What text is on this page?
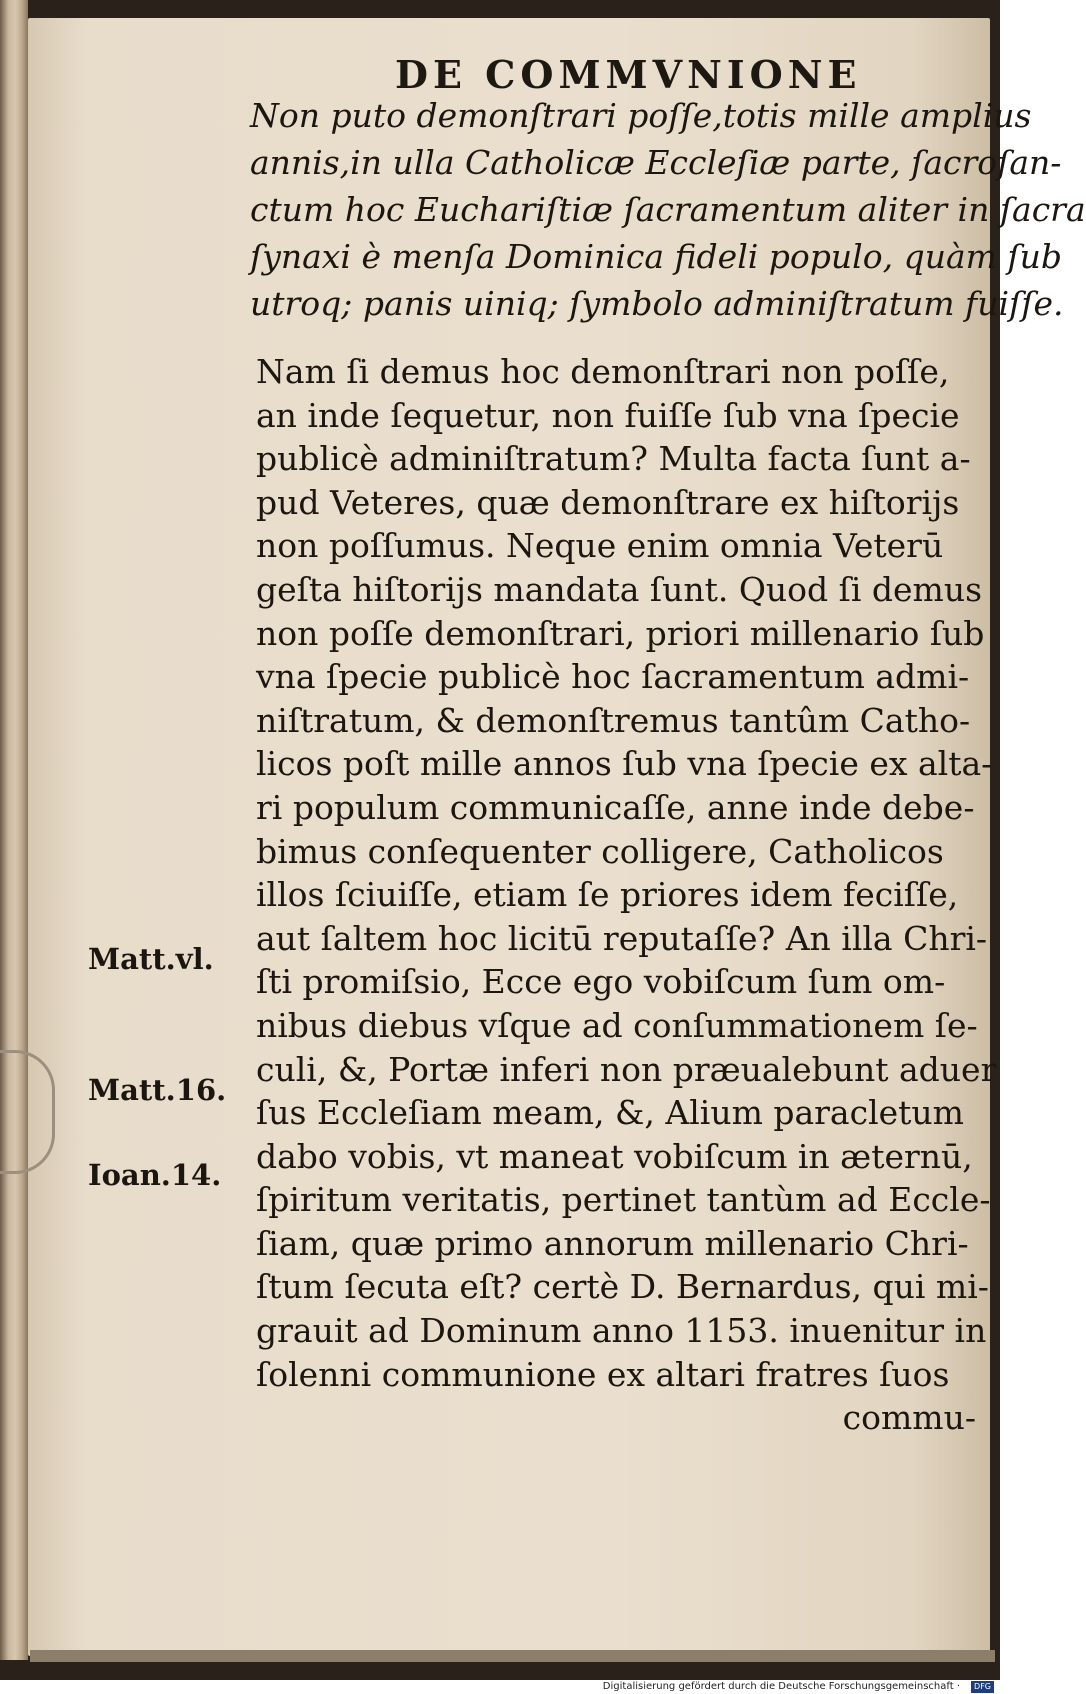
DE COMMVNIONE
Non puto demonſtrari poſſe,totis mille amplius
annis,in ulla Catholicæ Eccleſiæ parte, ſacroſan-
ctum hoc Euchariſtiæ ſacramentum aliter in ſacra
ſynaxi è menſa Dominica fideli populo, quàm ſub
utroq; panis uiniq; ſymbolo adminiſtratum fuiſſe.
Nam ſi demus hoc demonſtrari non poſſe,
an inde ſequetur, non fuiſſe ſub vna ſpecie
publicè adminiſtratum? Multa facta ſunt a-
pud Veteres, quæ demonſtrare ex hiſtorijs
non poſſumus. Neque enim omnia Veterū
geſta hiſtorijs mandata ſunt. Quod ſi demus
non poſſe demonſtrari, priori millenario ſub
vna ſpecie publicè hoc ſacramentum admi-
niſtratum, & demonſtremus tantûm Catho-
licos poſt mille annos ſub vna ſpecie ex alta-
ri populum communicaſſe, anne inde debe-
bimus conſequenter colligere, Catholicos
illos ſciuiſſe, etiam ſe priores idem feciſſe,
aut ſaltem hoc licitū reputaſſe? An illa Chri-
ſti promiſsio, Ecce ego vobiſcum ſum om-
nibus diebus vſque ad conſummationem ſe-
culi, &, Portæ inferi non præualebunt aduer
ſus Eccleſiam meam, &, Alium paracletum
dabo vobis, vt maneat vobiſcum in æternū,
ſpiritum veritatis, pertinet tantùm ad Eccle-
ſiam, quæ primo annorum millenario Chri-
ſtum ſecuta eſt? certè D. Bernardus, qui mi-
grauit ad Dominum anno 1153. inuenitur in
ſolenni communione ex altari fratres ſuos
commu-
Matt.vl.
Matt.16.
Ioan.14.
Digitalisierung gefördert durch die Deutsche Forschungsgemeinschaft ·	DFG
